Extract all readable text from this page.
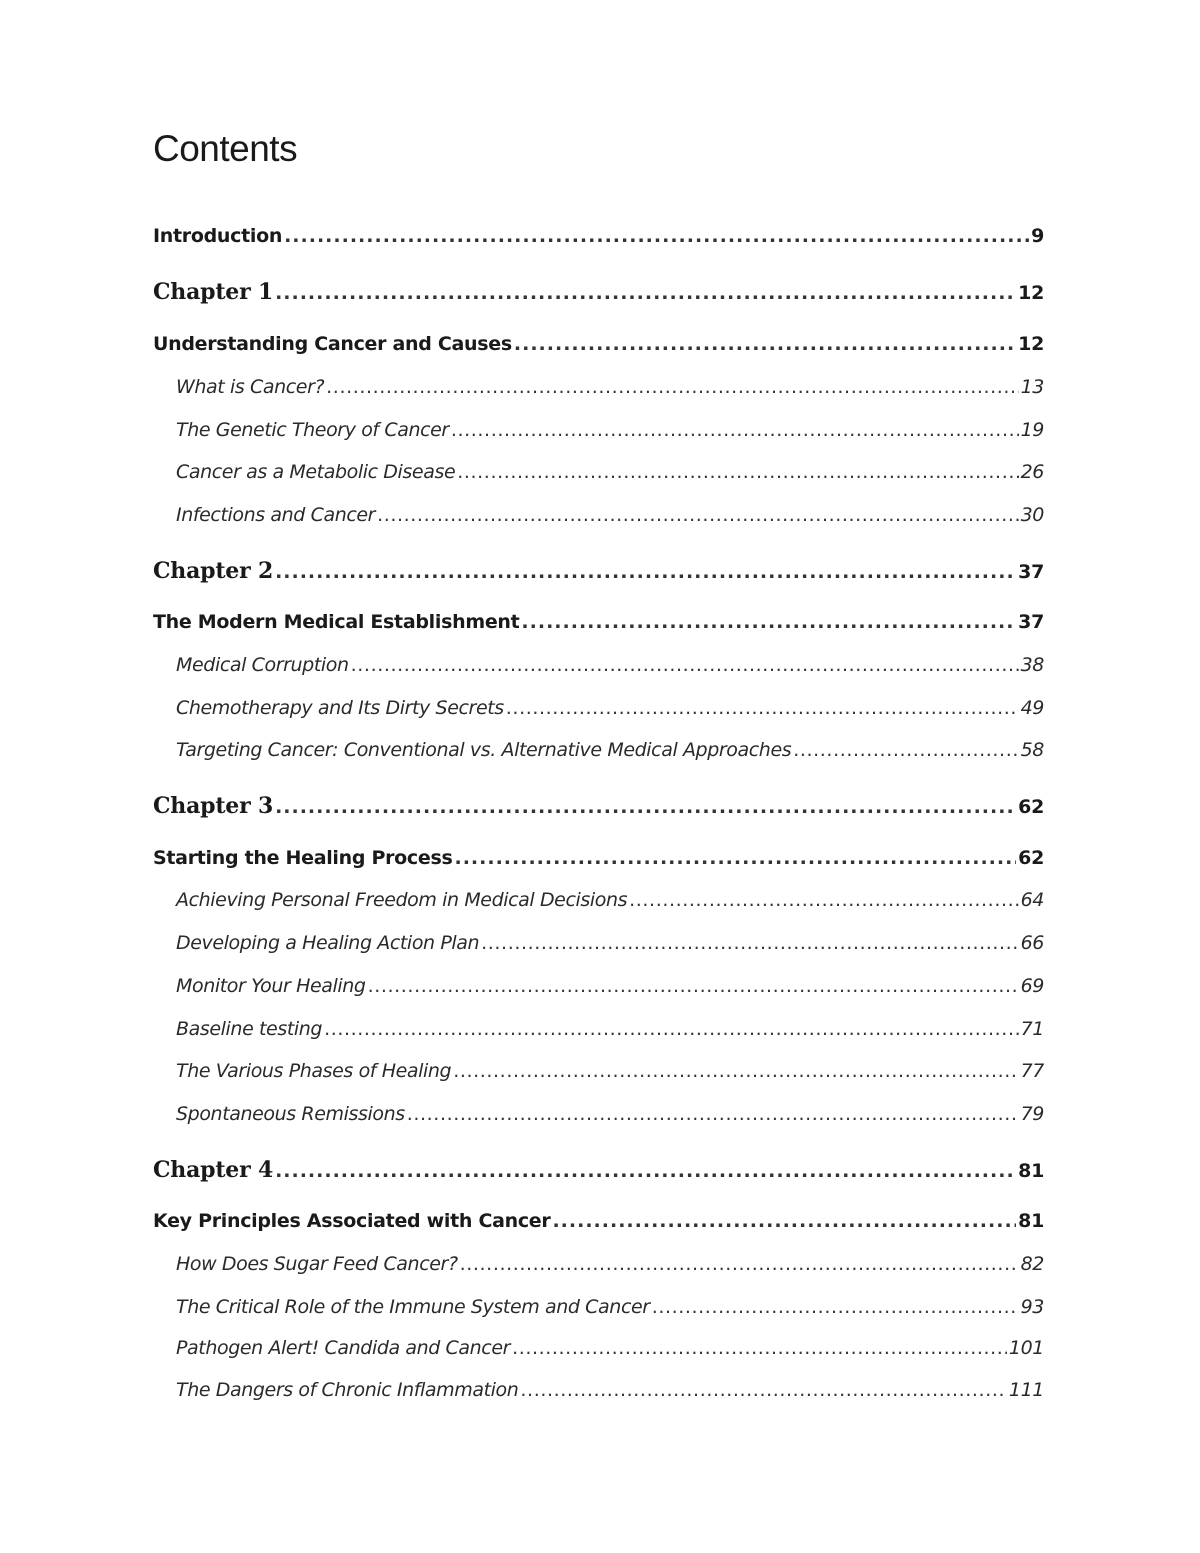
Contents
Introduction .....	9
Chapter 1 .....	12
Understanding Cancer and Causes .....	12
What is Cancer? .....	13
The Genetic Theory of Cancer .....	19
Cancer as a Metabolic Disease .....	26
Infections and Cancer .....	30
Chapter 2 .....	37
The Modern Medical Establishment .....	37
Medical Corruption .....	38
Chemotherapy and Its Dirty Secrets .....	49
Targeting Cancer: Conventional vs. Alternative Medical Approaches .....	58
Chapter 3 .....	62
Starting the Healing Process .....	62
Achieving Personal Freedom in Medical Decisions .....	64
Developing a Healing Action Plan .....	66
Monitor Your Healing .....	69
Baseline testing .....	71
The Various Phases of Healing .....	77
Spontaneous Remissions .....	79
Chapter 4 .....	81
Key Principles Associated with Cancer .....	81
How Does Sugar Feed Cancer? .....	82
The Critical Role of the Immune System and Cancer .....	93
Pathogen Alert! Candida and Cancer .....	101
The Dangers of Chronic Inflammation .....	111
